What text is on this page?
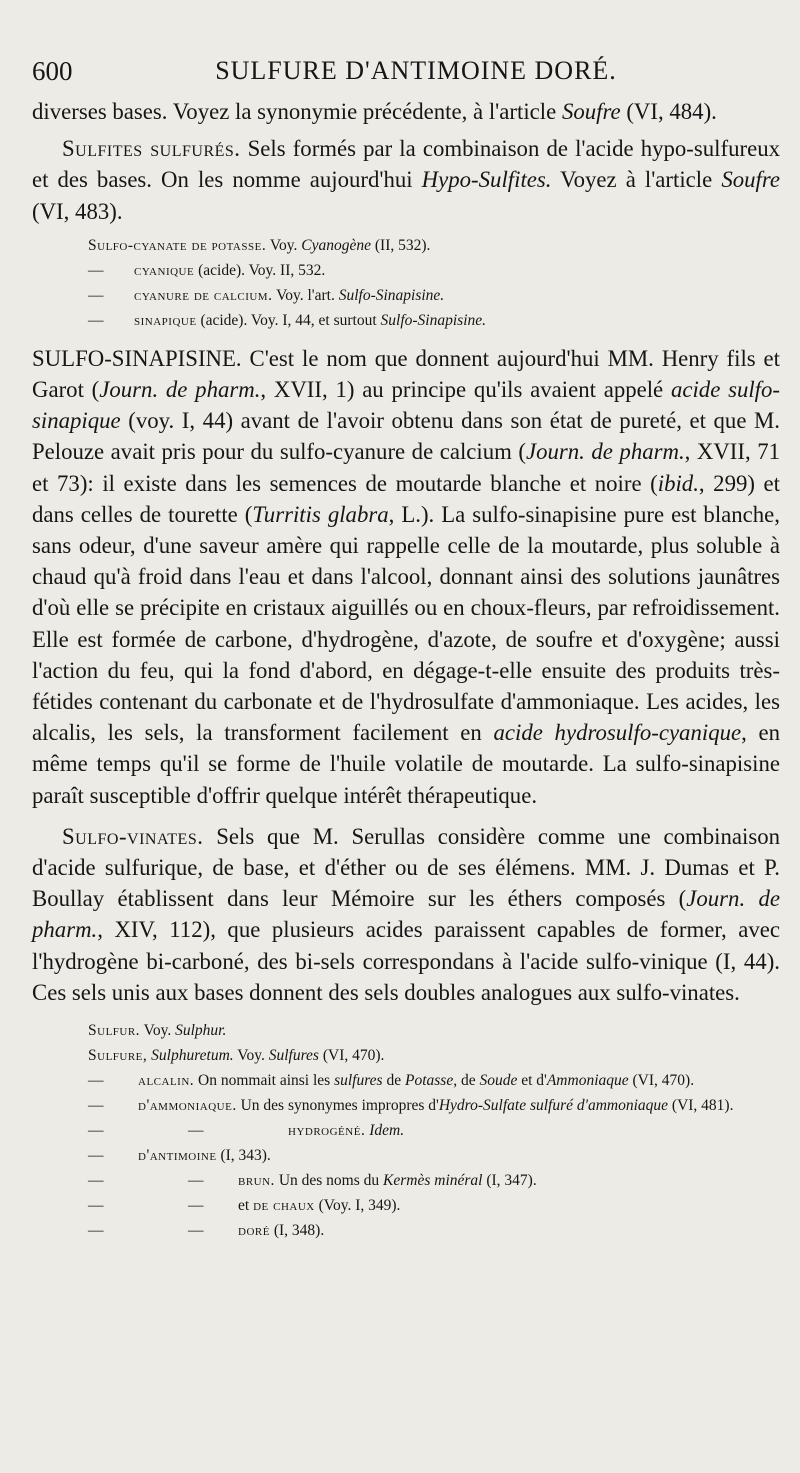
600	SULFURE D'ANTIMOINE DORÉ.

diverses bases. Voyez la synonymie précédente, à l'article Soufre (VI, 484).

Sulfites sulfurés. Sels formés par la combinaison de l'acide hypo-sulfureux et des bases. On les nomme aujourd'hui Hypo-Sulfites. Voyez à l'article Soufre (VI, 483).

Sulfo-cyanate de potasse. Voy. Cyanogène (II, 532).

—	cyanique (acide). Voy. II, 532.

—	cyanure de calcium. Voy. l'art. Sulfo-Sinapisine.

—	sinapique (acide). Voy. I, 44, et surtout Sulfo-Sinapisine.

SULFO-SINAPISINE. C'est le nom que donnent aujourd'hui MM. Henry fils et Garot (Journ. de pharm., XVII, 1) au principe qu'ils avaient appelé acide sulfo-sinapique (voy. I, 44) avant de l'avoir obtenu dans son état de pureté, et que M. Pelouze avait pris pour du sulfo-cyanure de calcium (Journ. de pharm., XVII, 71 et 73): il existe dans les semences de moutarde blanche et noire (ibid., 299) et dans celles de tourette (Turritis glabra, L.). La sulfo-sinapisine pure est blanche, sans odeur, d'une saveur amère qui rappelle celle de la moutarde, plus soluble à chaud qu'à froid dans l'eau et dans l'alcool, donnant ainsi des solutions jaunâtres d'où elle se précipite en cristaux aiguillés ou en choux-fleurs, par refroidissement. Elle est formée de carbone, d'hydrogène, d'azote, de soufre et d'oxygène; aussi l'action du feu, qui la fond d'abord, en dégage-t-elle ensuite des produits très-fétides contenant du carbonate et de l'hydrosulfate d'ammoniaque. Les acides, les alcalis, les sels, la transforment facilement en acide hydrosulfo-cyanique, en même temps qu'il se forme de l'huile volatile de moutarde. La sulfo-sinapisine paraît susceptible d'offrir quelque intérêt thérapeutique.

Sulfo-vinates. Sels que M. Serullas considère comme une combinaison d'acide sulfurique, de base, et d'éther ou de ses élémens. MM. J. Dumas et P. Boullay établissent dans leur Mémoire sur les éthers composés (Journ. de pharm., XIV, 112), que plusieurs acides paraissent capables de former, avec l'hydrogène bi-carboné, des bi-sels correspondans à l'acide sulfo-vinique (I, 44). Ces sels unis aux bases donnent des sels doubles analogues aux sulfo-vinates.

Sulfur. Voy. Sulphur.

Sulfure, Sulphuretum. Voy. Sulfures (VI, 470).

—	alcalin. On nommait ainsi les sulfures de Potasse, de Soude et d'Ammoniaque (VI, 470).
—	d'ammoniaque. Un des synonymes impropres d'Hydro-Sulfate sulfuré d'ammoniaque (VI, 481).
—	—	hydrogéné. Idem.
—	d'antimoine (I, 343).
—	—	brun. Un des noms du Kermès minéral (I, 347).
—	—	et de chaux (Voy. I, 349).
—	—	doré (I, 348).
